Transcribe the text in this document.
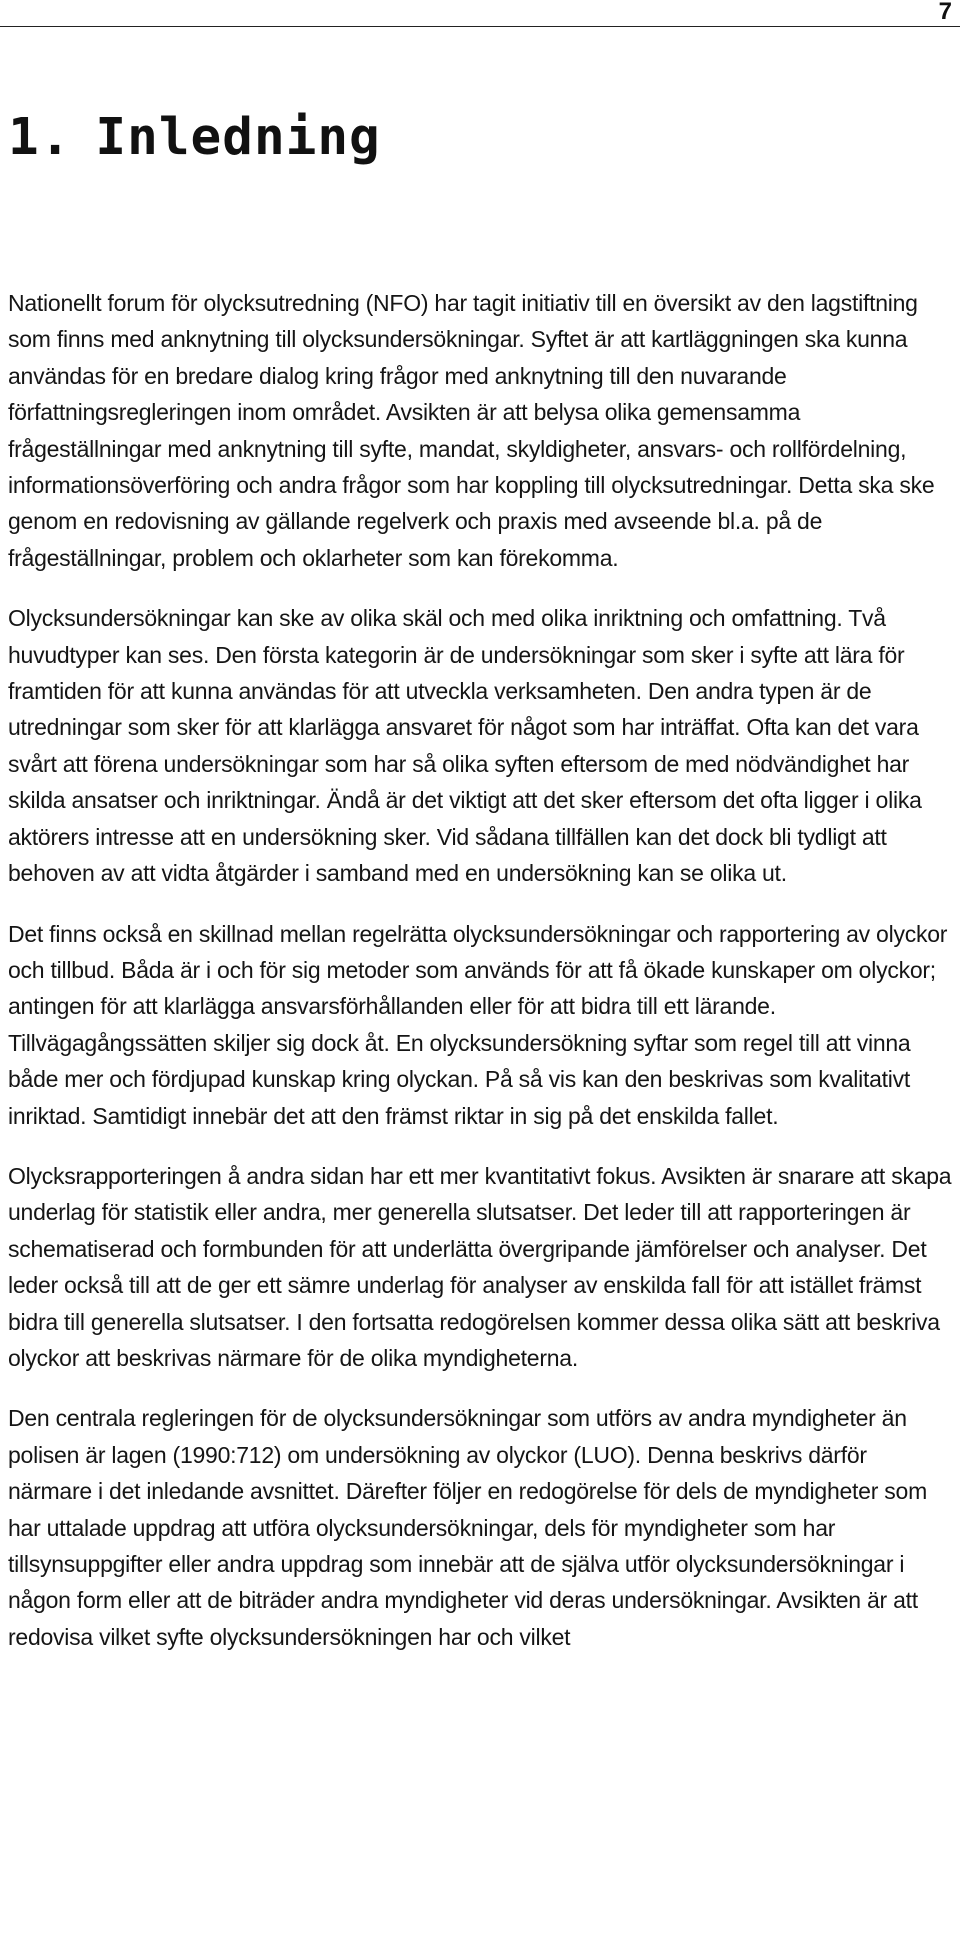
7
1. Inledning

Nationellt forum för olycksutredning (NFO) har tagit initiativ till en översikt av den lagstiftning som finns med anknytning till olycksundersökningar. Syftet är att kartläggningen ska kunna användas för en bredare dialog kring frågor med anknytning till den nuvarande författningsregleringen inom området. Avsikten är att belysa olika gemensamma frågeställningar med anknytning till syfte, mandat, skyldigheter, ansvars- och rollfördelning, informationsöverföring och andra frågor som har koppling till olycksutredningar. Detta ska ske genom en redovisning av gällande regelverk och praxis med avseende bl.a. på de frågeställningar, problem och oklarheter som kan förekomma.

Olycksundersökningar kan ske av olika skäl och med olika inriktning och omfattning. Två huvudtyper kan ses. Den första kategorin är de undersökningar som sker i syfte att lära för framtiden för att kunna användas för att utveckla verksamheten. Den andra typen är de utredningar som sker för att klarlägga ansvaret för något som har inträffat. Ofta kan det vara svårt att förena undersökningar som har så olika syften eftersom de med nödvändighet har skilda ansatser och inriktningar. Ändå är det viktigt att det sker eftersom det ofta ligger i olika aktörers intresse att en undersökning sker. Vid sådana tillfällen kan det dock bli tydligt att behoven av att vidta åtgärder i samband med en undersökning kan se olika ut.

Det finns också en skillnad mellan regelrätta olycksundersökningar och rapportering av olyckor och tillbud. Båda är i och för sig metoder som används för att få ökade kunskaper om olyckor; antingen för att klarlägga ansvarsförhållanden eller för att bidra till ett lärande. Tillvägagångssätten skiljer sig dock åt. En olycksundersökning syftar som regel till att vinna både mer och fördjupad kunskap kring olyckan. På så vis kan den beskrivas som kvalitativt inriktad. Samtidigt innebär det att den främst riktar in sig på det enskilda fallet.

Olycksrapporteringen å andra sidan har ett mer kvantitativt fokus. Avsikten är snarare att skapa underlag för statistik eller andra, mer generella slutsatser. Det leder till att rapporteringen är schematiserad och formbunden för att underlätta övergripande jämförelser och analyser. Det leder också till att de ger ett sämre underlag för analyser av enskilda fall för att istället främst bidra till generella slutsatser. I den fortsatta redogörelsen kommer dessa olika sätt att beskriva olyckor att beskrivas närmare för de olika myndigheterna.

Den centrala regleringen för de olycksundersökningar som utförs av andra myndigheter än polisen är lagen (1990:712) om undersökning av olyckor (LUO). Denna beskrivs därför närmare i det inledande avsnittet. Därefter följer en redogörelse för dels de myndigheter som har uttalade uppdrag att utföra olycksundersökningar, dels för myndigheter som har tillsynsuppgifter eller andra uppdrag som innebär att de själva utför olycksundersökningar i någon form eller att de biträder andra myndigheter vid deras undersökningar. Avsikten är att redovisa vilket syfte olycksundersökningen har och vilket
